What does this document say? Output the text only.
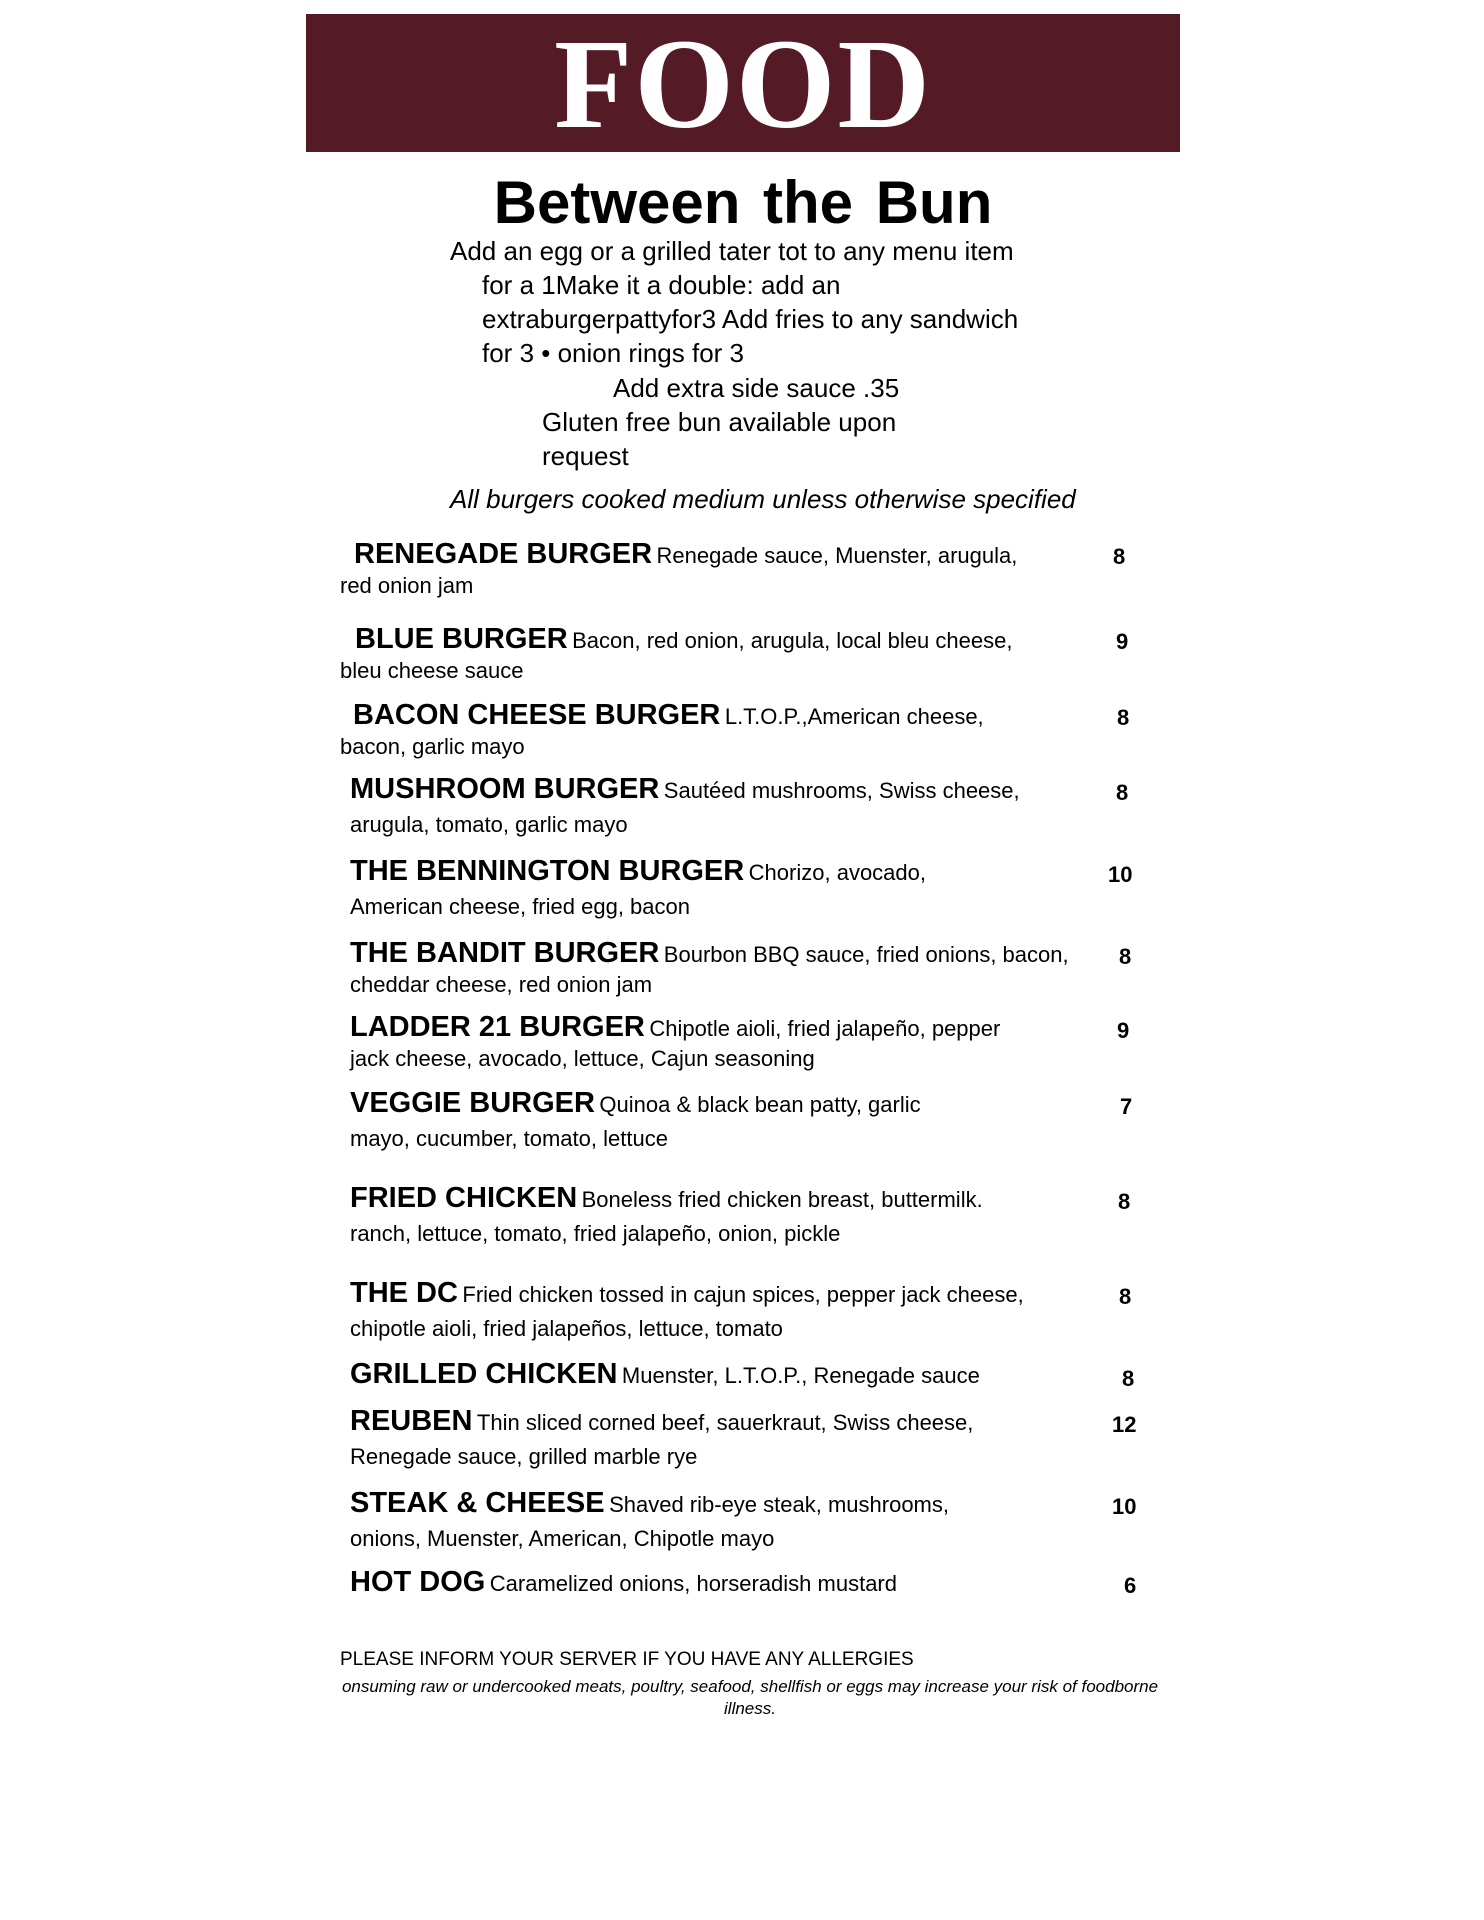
FOOD
Between the Bun
Add an egg or a grilled tater tot to any menu item
for a 1Make it a double: add an
extraburgerpattyfor3 Add fries to any sandwich
for 3 • onion rings for 3
Add extra side sauce .35
Gluten free bun available upon
request
All burgers cooked medium unless otherwise specified
RENEGADE BURGER Renegade sauce, Muenster, arugula,
red onion jam
8
BLUE BURGER Bacon, red onion, arugula, local bleu cheese,
bleu cheese sauce
9
BACON CHEESE BURGER L.T.O.P.,American cheese,
bacon, garlic mayo
8
MUSHROOM BURGER Sautéed mushrooms, Swiss cheese,
arugula, tomato, garlic mayo
8
THE BENNINGTON BURGER Chorizo, avocado,
American cheese, fried egg, bacon
10
THE BANDIT BURGER Bourbon BBQ sauce, fried onions, bacon,
cheddar cheese, red onion jam
8
LADDER 21 BURGER Chipotle aioli, fried jalapeño, pepper
jack cheese, avocado, lettuce, Cajun seasoning
9
VEGGIE BURGER Quinoa & black bean patty, garlic
mayo, cucumber, tomato, lettuce
7
FRIED CHICKEN Boneless fried chicken breast, buttermilk.
ranch, lettuce, tomato, fried jalapeño, onion, pickle
8
THE DC Fried chicken tossed in cajun spices, pepper jack cheese,
chipotle aioli, fried jalapeños, lettuce, tomato
8
GRILLED CHICKEN Muenster, L.T.O.P., Renegade sauce	8
REUBEN Thin sliced corned beef, sauerkraut, Swiss cheese,
Renegade sauce, grilled marble rye
12
STEAK & CHEESE Shaved rib-eye steak, mushrooms,
onions, Muenster, American, Chipotle mayo
10
HOT DOG Caramelized onions, horseradish mustard	6
PLEASE INFORM YOUR SERVER IF YOU HAVE ANY ALLERGIES
onsuming raw or undercooked meats, poultry, seafood, shellfish or eggs may increase your risk of foodborne illness.
